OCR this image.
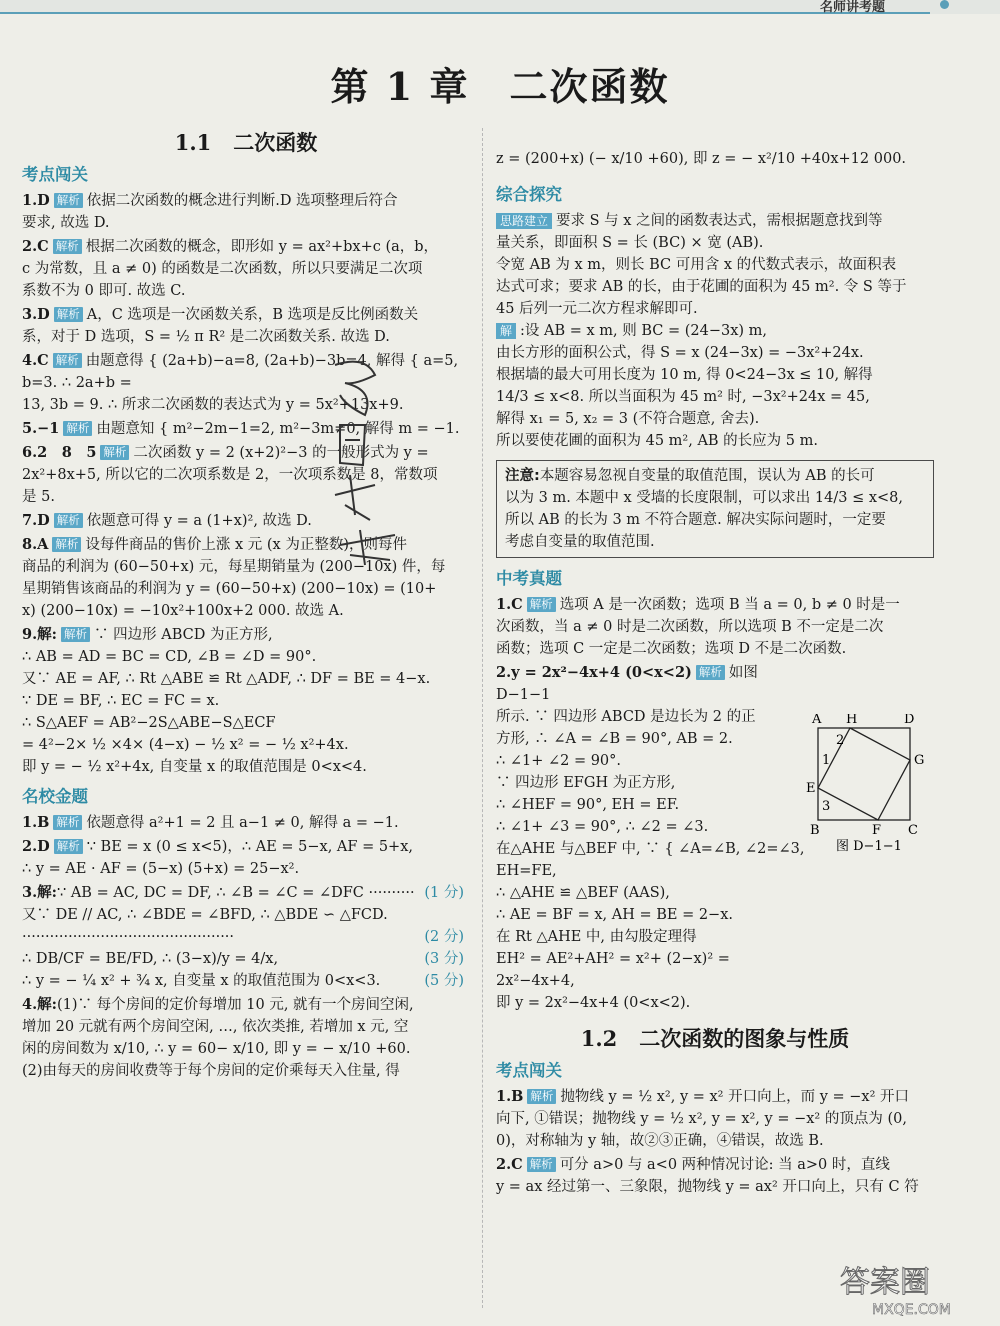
名师讲考题
第 1 章　二次函数
1.1 二次函数
考点闯关
1.D 解析 依据二次函数的概念进行判断.D 选项整理后符合
要求, 故选 D.
2.C 解析 根据二次函数的概念，即形如 y = ax²+bx+c (a，b，
c 为常数，且 a ≠ 0) 的函数是二次函数，所以只要满足二次项
系数不为 0 即可. 故选 C.
3.D 解析 A，C 选项是一次函数关系，B 选项是反比例函数关
系，对于 D 选项，S = ½ π R² 是二次函数关系. 故选 D.
4.C 解析 由题意得 { (2a+b)−a=8, (2a+b)−3b=4, 解得 { a=5, b=3. ∴ 2a+b =
13, 3b = 9. ∴ 所求二次函数的表达式为 y = 5x²+13x+9.
5.−1 解析 由题意知 { m²−2m−1=2, m²−3m≠0, 解得 m = −1.
6.2　8　5 解析 二次函数 y = 2 (x+2)²−3 的一般形式为 y =
2x²+8x+5, 所以它的二次项系数是 2，一次项系数是 8，常数项
是 5.
7.D 解析 依题意可得 y = a (1+x)², 故选 D.
8.A 解析 设每件商品的售价上涨 x 元 (x 为正整数)，则每件
商品的利润为 (60−50+x) 元，每星期销量为 (200−10x) 件，每
星期销售该商品的利润为 y = (60−50+x) (200−10x) = (10+
x) (200−10x) = −10x²+100x+2 000. 故选 A.
9.解: 解析 ∵ 四边形 ABCD 为正方形,
∴ AB = AD = BC = CD, ∠B = ∠D = 90°.
又∵ AE = AF, ∴ Rt △ABE ≌ Rt △ADF, ∴ DF = BE = 4−x.
∵ DE = BF, ∴ EC = FC = x.
∴ S△AEF = AB²−2S△ABE−S△ECF
= 4²−2× ½ ×4× (4−x) − ½ x² = − ½ x²+4x.
即 y = − ½ x²+4x, 自变量 x 的取值范围是 0<x<4.
名校金题
1.B 解析 依题意得 a²+1 = 2 且 a−1 ≠ 0, 解得 a = −1.
2.D 解析 ∵ BE = x (0 ≤ x<5)，∴ AE = 5−x, AF = 5+x,
∴ y = AE · AF = (5−x) (5+x) = 25−x².
3.解:∵ AB = AC, DC = DF, ∴ ∠B = ∠C = ∠DFC ·········· (1 分)
又∵ DE // AC, ∴ ∠BDE = ∠BFD, ∴ △BDE ∽ △FCD.
··············································	(2 分)
∴ DB/CF = BE/FD, ∴ (3−x)/y = 4/x,	(3 分)
∴ y = − ¼ x² + ¾ x, 自变量 x 的取值范围为 0<x<3.	(5 分)
4.解:(1)∵ 每个房间的定价每增加 10 元, 就有一个房间空闲,
增加 20 元就有两个房间空闲, …, 依次类推, 若增加 x 元, 空
闲的房间数为 x/10, ∴ y = 60− x/10, 即 y = − x/10 +60.
(2)由每天的房间收费等于每个房间的定价乘每天入住量, 得
z = (200+x) (− x/10 +60), 即 z = − x²/10 +40x+12 000.
综合探究
思路建立 要求 S 与 x 之间的函数表达式，需根据题意找到等
量关系，即面积 S = 长 (BC) × 宽 (AB).
令宽 AB 为 x m，则长 BC 可用含 x 的代数式表示，故面积表
达式可求；要求 AB 的长，由于花圃的面积为 45 m². 令 S 等于
45 后列一元二次方程求解即可.
解 :设 AB = x m, 则 BC = (24−3x) m,
由长方形的面积公式，得 S = x (24−3x) = −3x²+24x.
根据墙的最大可用长度为 10 m, 得 0<24−3x ≤ 10, 解得
14/3 ≤ x<8. 所以当面积为 45 m² 时, −3x²+24x = 45,
解得 x₁ = 5, x₂ = 3 (不符合题意, 舍去).
所以要使花圃的面积为 45 m², AB 的长应为 5 m.
注意:本题容易忽视自变量的取值范围，误认为 AB 的长可
以为 3 m. 本题中 x 受墙的长度限制，可以求出 14/3 ≤ x<8,
所以 AB 的长为 3 m 不符合题意. 解决实际问题时，一定要
考虑自变量的取值范围.
中考真题
1.C 解析 选项 A 是一次函数；选项 B 当 a = 0, b ≠ 0 时是一
次函数，当 a ≠ 0 时是二次函数，所以选项 B 不一定是二次
函数；选项 C 一定是二次函数；选项 D 不是二次函数.
2.y = 2x²−4x+4 (0<x<2) 解析 如图 D−1−1
所示. ∵ 四边形 ABCD 是边长为 2 的正
方形, ∴ ∠A = ∠B = 90°, AB = 2.
∴ ∠1+ ∠2 = 90°.
∵ 四边形 EFGH 为正方形,
∴ ∠HEF = 90°, EH = EF.
∴ ∠1+ ∠3 = 90°, ∴ ∠2 = ∠3.
在△AHE 与△BEF 中, ∵ { ∠A=∠B, ∠2=∠3, EH=FE,
∴ △AHE ≌ △BEF (AAS),
∴ AE = BF = x, AH = BE = 2−x.
在 Rt △AHE 中, 由勾股定理得
EH² = AE²+AH² = x²+ (2−x)² = 2x²−4x+4,
即 y = 2x²−4x+4 (0<x<2).
1.2 二次函数的图象与性质
考点闯关
1.B 解析 抛物线 y = ½ x², y = x² 开口向上，而 y = −x² 开口
向下, ①错误；抛物线 y = ½ x², y = x², y = −x² 的顶点为 (0,
0)，对称轴为 y 轴，故②③正确，④错误，故选 B.
2.C 解析 可分 a>0 与 a<0 两种情况讨论: 当 a>0 时，直线
y = ax 经过第一、三象限，抛物线 y = ax² 开口向上，只有 C 符
A H	D
E
G
B	F C
1
2
3
图 D−1−1
答案圈
MXQE.COM
